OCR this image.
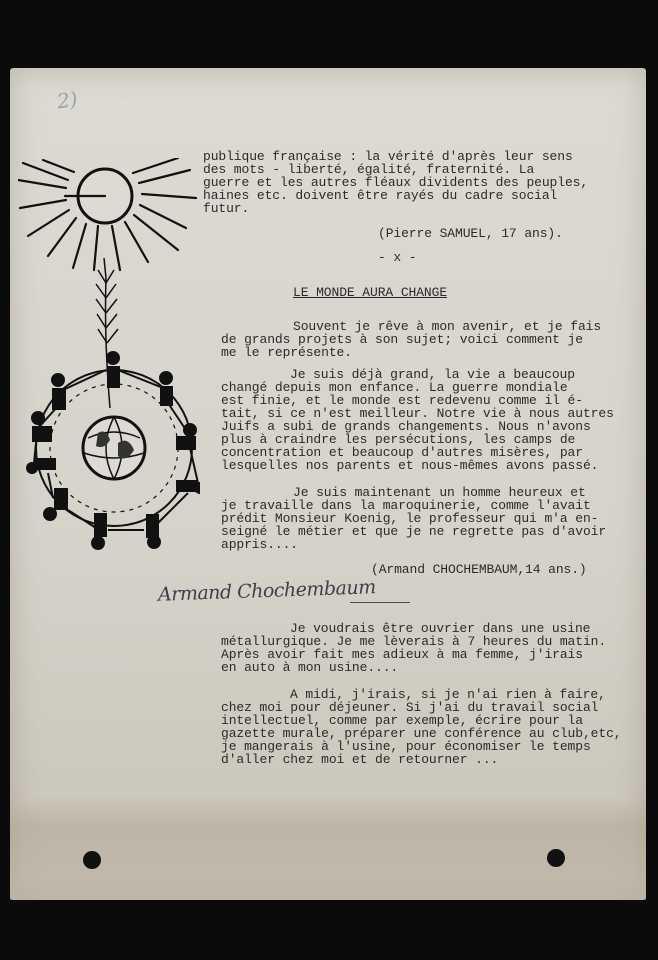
2)
publique française : la vérité d'après leur sens
des mots - liberté, égalité, fraternité. La
guerre et les autres fléaux dividents des peuples,
haines etc. doivent être rayés du cadre social
futur.
(Pierre SAMUEL, 17 ans).
- x -
LE MONDE AURA CHANGE
Souvent je rêve à mon avenir, et je fais
de grands projets à son sujet; voici comment je
me le représente.
Je suis déjà grand, la vie a beaucoup
changé depuis mon enfance. La guerre mondiale
est finie, et le monde est redevenu comme il é-
tait, si ce n'est meilleur. Notre vie à nous autres
Juifs a subi de grands changements. Nous n'avons
plus à craindre les persécutions, les camps de
concentration et beaucoup d'autres misères, par
lesquelles nos parents et nous-mêmes avons passé.
Je suis maintenant un homme heureux et
je travaille dans la maroquinerie, comme l'avait
prédit Monsieur Koenig, le professeur qui m'a en-
seigné le métier et que je ne regrette pas d'avoir
appris....
(Armand CHOCHEMBAUM,14 ans.)
Armand Chochembaum
Je voudrais être ouvrier dans une usine
métallurgique. Je me lèverais à 7 heures du matin.
Après avoir fait mes adieux à ma femme, j'irais
en auto à mon usine....
A midi, j'irais, si je n'ai rien à faire,
chez moi pour déjeuner. Si j'ai du travail social
intellectuel, comme par exemple, écrire pour la
gazette murale, préparer une conférence au club,etc,
je mangerais à l'usine, pour économiser le temps
d'aller chez moi et de retourner ...
